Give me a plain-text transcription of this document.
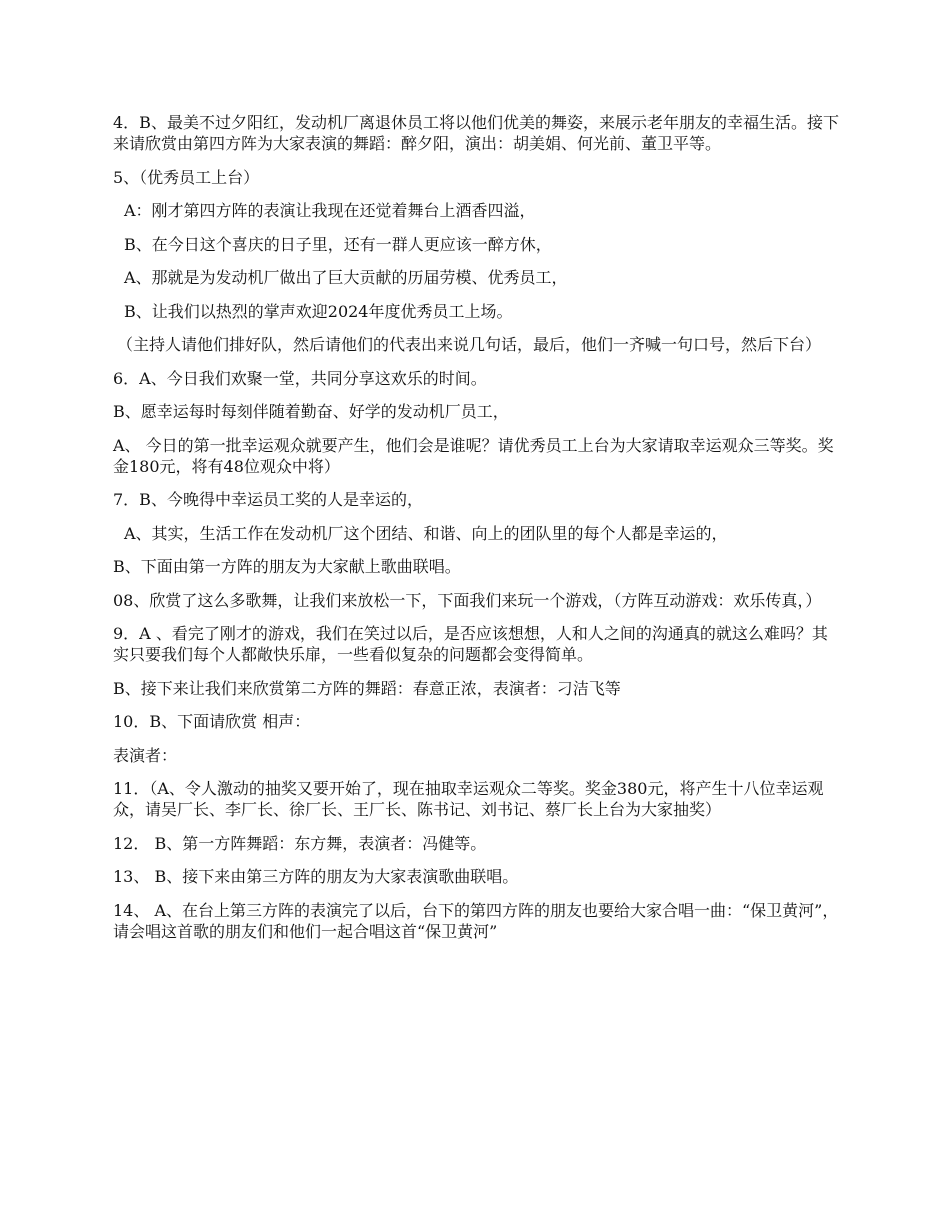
4．B、最美不过夕阳红，发动机厂离退休员工将以他们优美的舞姿，来展示老年朋友的幸福生活。接下来请欣赏由第四方阵为大家表演的舞蹈：醉夕阳，演出：胡美娟、何光前、董卫平等。

5、（优秀员工上台）

A：刚才第四方阵的表演让我现在还觉着舞台上酒香四溢，

B、在今日这个喜庆的日子里，还有一群人更应该一醉方休，

A、那就是为发动机厂做出了巨大贡献的历届劳模、优秀员工，

B、让我们以热烈的掌声欢迎2024年度优秀员工上场。

（主持人请他们排好队，然后请他们的代表出来说几句话，最后，他们一齐喊一句口号，然后下台）

6．A、今日我们欢聚一堂，共同分享这欢乐的时间。

B、愿幸运每时每刻伴随着勤奋、好学的发动机厂员工，

A、 今日的第一批幸运观众就要产生，他们会是谁呢？请优秀员工上台为大家请取幸运观众三等奖。奖金180元，将有48位观众中将）

7．B、今晚得中幸运员工奖的人是幸运的，

A、其实，生活工作在发动机厂这个团结、和谐、向上的团队里的每个人都是幸运的，

B、下面由第一方阵的朋友为大家献上歌曲联唱。

08、欣赏了这么多歌舞，让我们来放松一下，下面我们来玩一个游戏，（方阵互动游戏：欢乐传真，）

9．A 、看完了刚才的游戏，我们在笑过以后，是否应该想想，人和人之间的沟通真的就这么难吗？其实只要我们每个人都敞快乐扉，一些看似复杂的问题都会变得简单。

B、接下来让我们来欣赏第二方阵的舞蹈：春意正浓，表演者：刁洁飞等

10．B、下面请欣赏 相声：

表演者：

11．（A、令人激动的抽奖又要开始了，现在抽取幸运观众二等奖。奖金380元，将产生十八位幸运观众，请吴厂长、李厂长、徐厂长、王厂长、陈书记、刘书记、蔡厂长上台为大家抽奖）

12． B、第一方阵舞蹈：东方舞，表演者：冯健等。

13、 B、接下来由第三方阵的朋友为大家表演歌曲联唱。

14、 A、在台上第三方阵的表演完了以后，台下的第四方阵的朋友也要给大家合唱一曲：“保卫黄河”，请会唱这首歌的朋友们和他们一起合唱这首“保卫黄河”
